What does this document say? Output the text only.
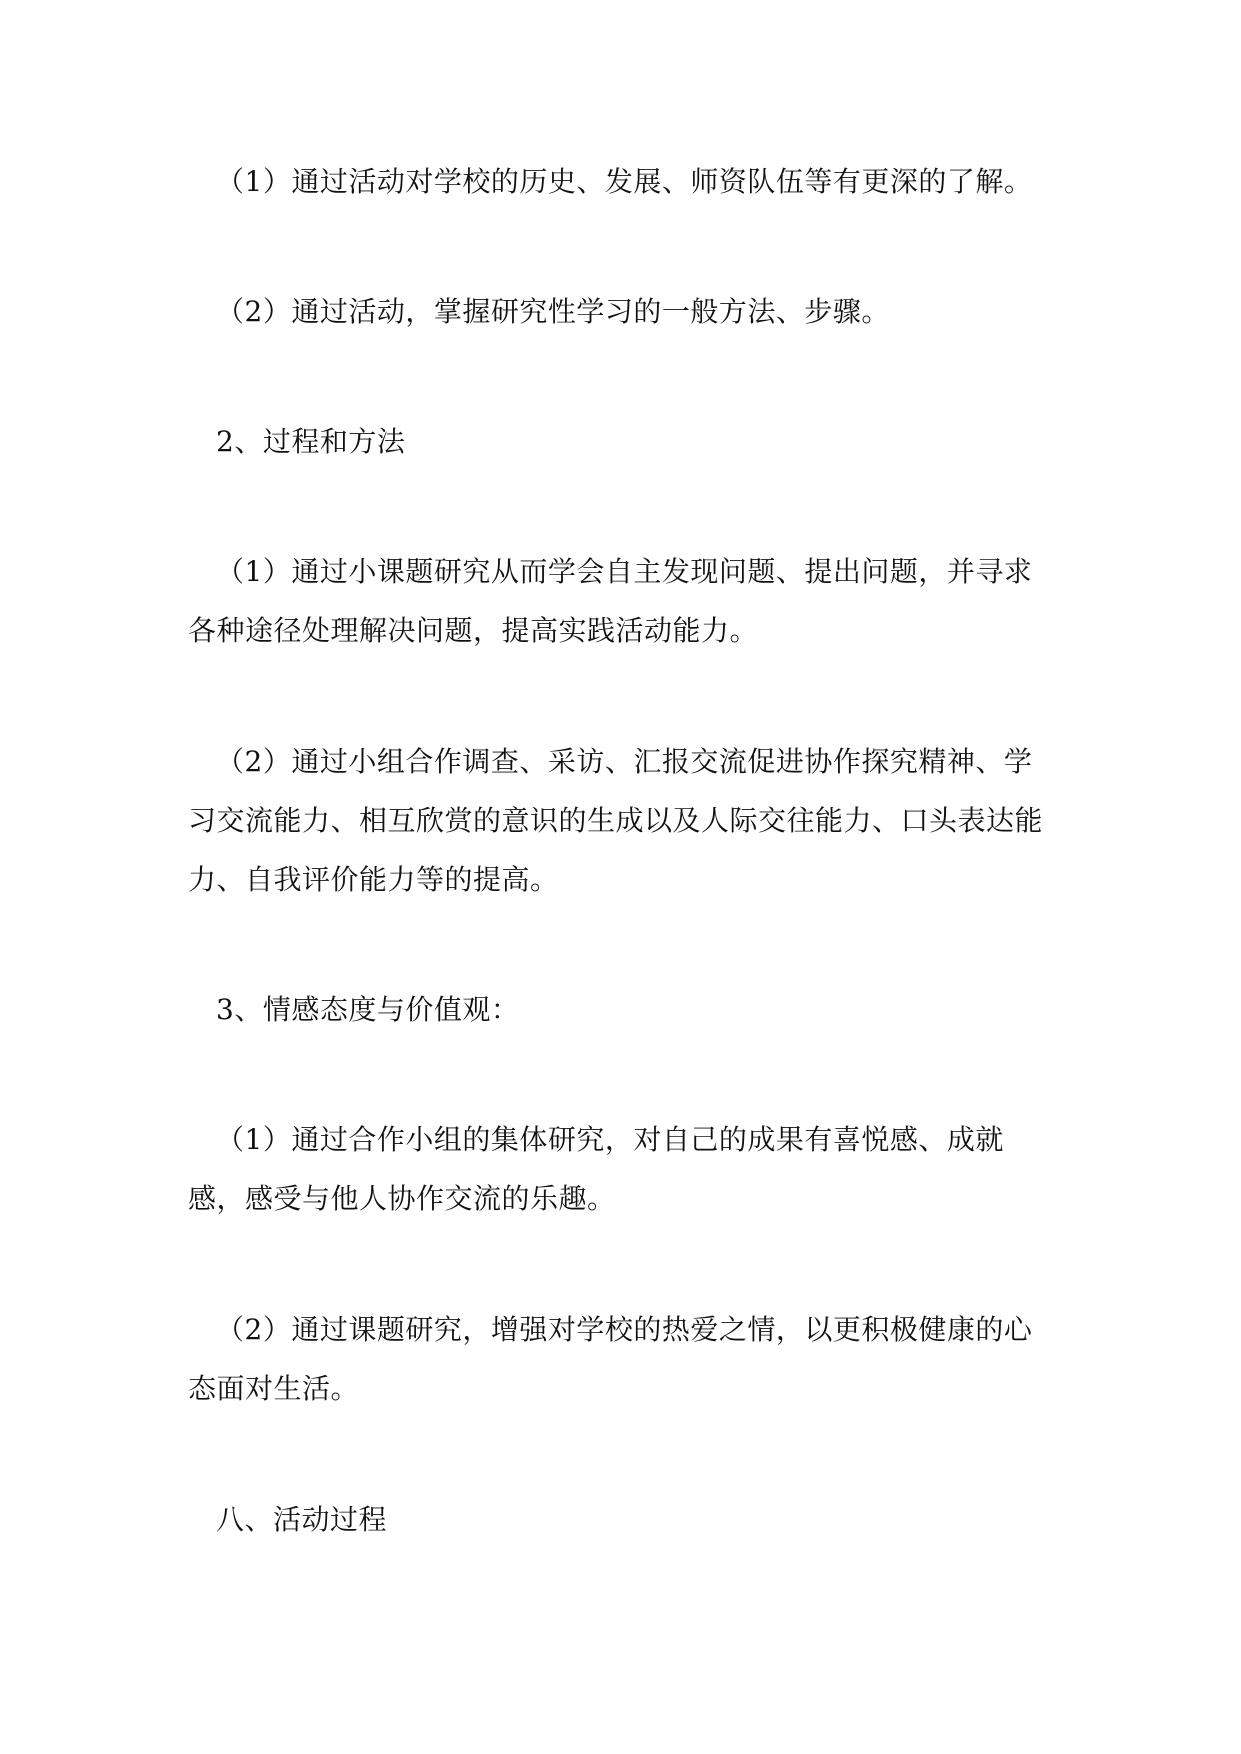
（1）通过活动对学校的历史、发展、师资队伍等有更深的了解。

（2）通过活动，掌握研究性学习的一般方法、步骤。

2、过程和方法

（1）通过小课题研究从而学会自主发现问题、提出问题，并寻求各种途径处理解决问题，提高实践活动能力。

（2）通过小组合作调查、采访、汇报交流促进协作探究精神、学习交流能力、相互欣赏的意识的生成以及人际交往能力、口头表达能力、自我评价能力等的提高。

3、情感态度与价值观：

（1）通过合作小组的集体研究，对自己的成果有喜悦感、成就感，感受与他人协作交流的乐趣。

（2）通过课题研究，增强对学校的热爱之情，以更积极健康的心态面对生活。

八、活动过程
